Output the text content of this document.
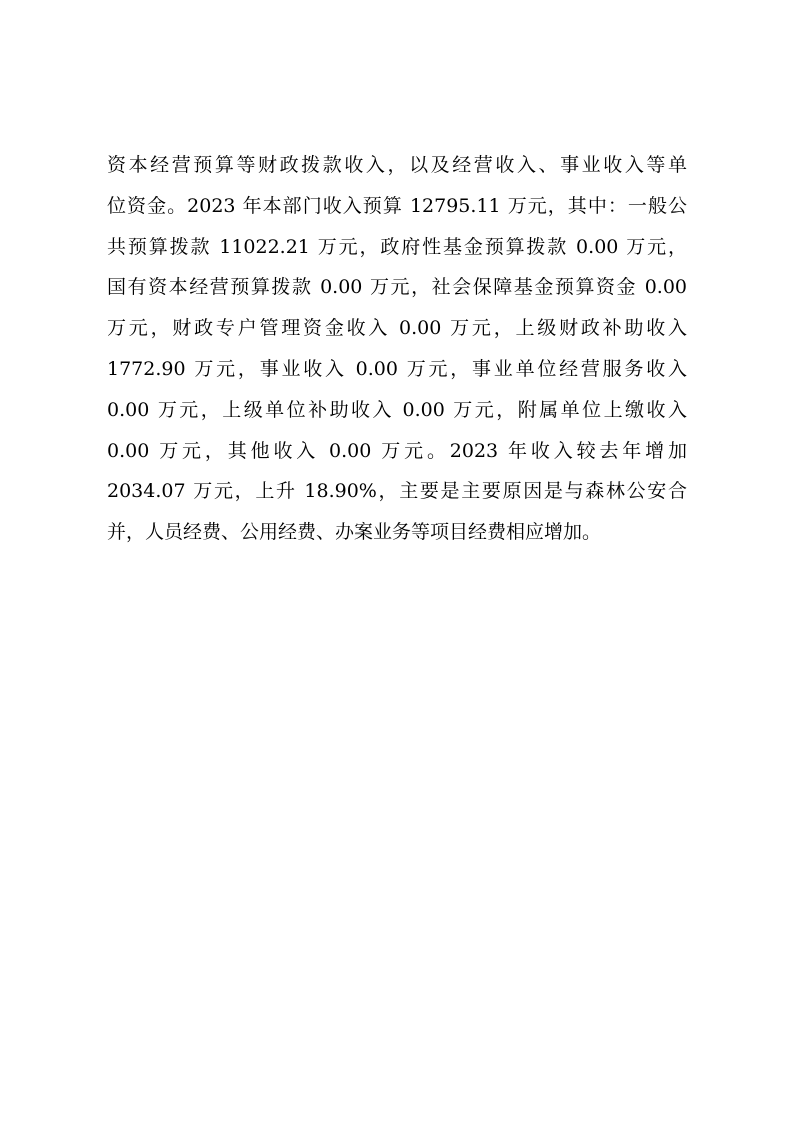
资本经营预算等财政拨款收入，以及经营收入、事业收入等单
位资金。2023 年本部门收入预算 12795.11 万元，其中：一般公
共预算拨款 11022.21 万元，政府性基金预算拨款 0.00 万元，
国有资本经营预算拨款 0.00 万元，社会保障基金预算资金 0.00
万元，财政专户管理资金收入 0.00 万元，上级财政补助收入
1772.90 万元，事业收入 0.00 万元，事业单位经营服务收入
0.00 万元，上级单位补助收入 0.00 万元，附属单位上缴收入
0.00 万元，其他收入 0.00 万元。2023 年收入较去年增加
2034.07 万元，上升 18.90%，主要是主要原因是与森林公安合
并，人员经费、公用经费、办案业务等项目经费相应增加。
